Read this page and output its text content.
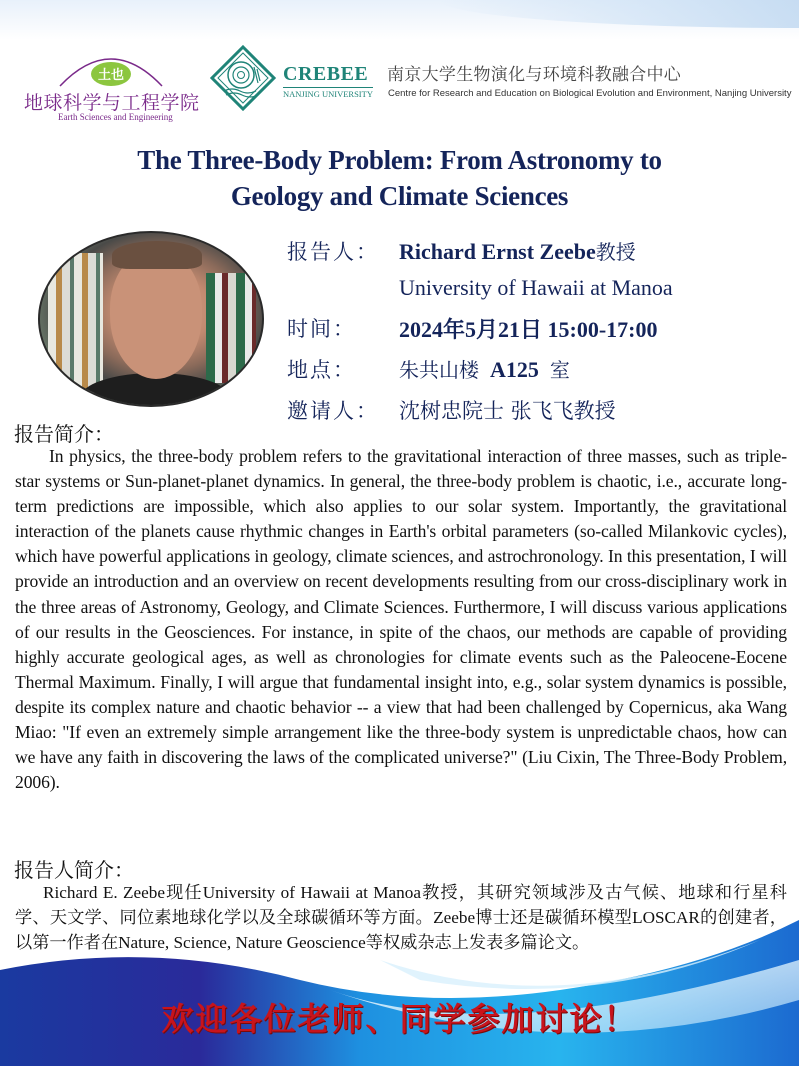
土也
地球科学与工程学院
Earth Sciences and Engineering
CREBEE
NANJING UNIVERSITY
南京大学生物演化与环境科教融合中心
Centre for Research and Education on Biological Evolution and Environment, Nanjing University
The Three-Body Problem: From Astronomy to
Geology and Climate Sciences
报告人： Richard Ernst Zeebe教授
University of Hawaii at Manoa
时间： 2024年5月21日 15:00-17:00
地点： 朱共山楼 A125 室
邀请人： 沈树忠院士 张飞飞教授
报告简介：
In physics, the three-body problem refers to the gravitational interaction of three masses, such as triple-star systems or Sun-planet-planet dynamics. In general, the three-body problem is chaotic, i.e., accurate long-term predictions are impossible, which also applies to our solar system. Importantly, the gravitational interaction of the planets cause rhythmic changes in Earth's orbital parameters (so-called Milankovic cycles), which have powerful applications in geology, climate sciences, and astrochronology. In this presentation, I will provide an introduction and an overview on recent developments resulting from our cross-disciplinary work in the three areas of Astronomy, Geology, and Climate Sciences. Furthermore, I will discuss various applications of our results in the Geosciences. For instance, in spite of the chaos, our methods are capable of providing highly accurate geological ages, as well as chronologies for climate events such as the Paleocene-Eocene Thermal Maximum. Finally, I will argue that fundamental insight into, e.g., solar system dynamics is possible, despite its complex nature and chaotic behavior -- a view that had been challenged by Copernicus, aka Wang Miao: "If even an extremely simple arrangement like the three-body system is unpredictable chaos, how can we have any faith in discovering the laws of the complicated universe?" (Liu Cixin, The Three-Body Problem, 2006).
报告人简介：
Richard E. Zeebe现任University of Hawaii at Manoa教授，其研究领域涉及古气候、地球和行星科学、天文学、同位素地球化学以及全球碳循环等方面。Zeebe博士还是碳循环模型LOSCAR的创建者，以第一作者在Nature, Science, Nature Geoscience等权威杂志上发表多篇论文。
欢迎各位老师、同学参加讨论！
